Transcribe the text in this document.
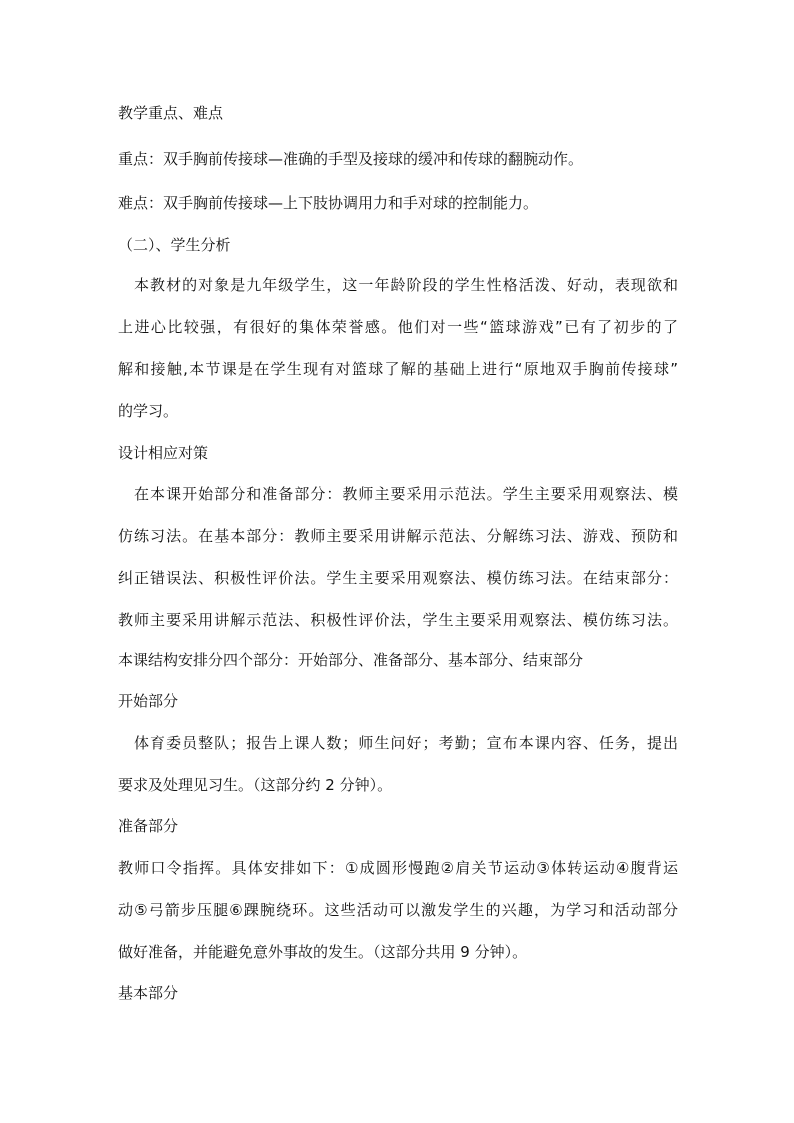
教学重点、难点
重点：双手胸前传接球—准确的手型及接球的缓冲和传球的翻腕动作。
难点：双手胸前传接球—上下肢协调用力和手对球的控制能力。
（二）、学生分析
　本教材的对象是九年级学生，这一年龄阶段的学生性格活泼、好动，表现欲和
上进心比较强，有很好的集体荣誉感。他们对一些“篮球游戏”已有了初步的了
解和接触,本节课是在学生现有对篮球了解的基础上进行“原地双手胸前传接球”
的学习。
设计相应对策
　在本课开始部分和准备部分：教师主要采用示范法。学生主要采用观察法、模
仿练习法。在基本部分：教师主要采用讲解示范法、分解练习法、游戏、预防和
纠正错误法、积极性评价法。学生主要采用观察法、模仿练习法。在结束部分：
教师主要采用讲解示范法、积极性评价法，学生主要采用观察法、模仿练习法。
本课结构安排分四个部分：开始部分、准备部分、基本部分、结束部分
开始部分
　体育委员整队；报告上课人数；师生问好；考勤；宣布本课内容、任务，提出
要求及处理见习生。（这部分约 2 分钟）。
准备部分
教师口令指挥。具体安排如下：①成圆形慢跑②肩关节运动③体转运动④腹背运
动⑤弓箭步压腿⑥踝腕绕环。这些活动可以激发学生的兴趣，为学习和活动部分
做好准备，并能避免意外事故的发生。（这部分共用 9 分钟）。
基本部分
